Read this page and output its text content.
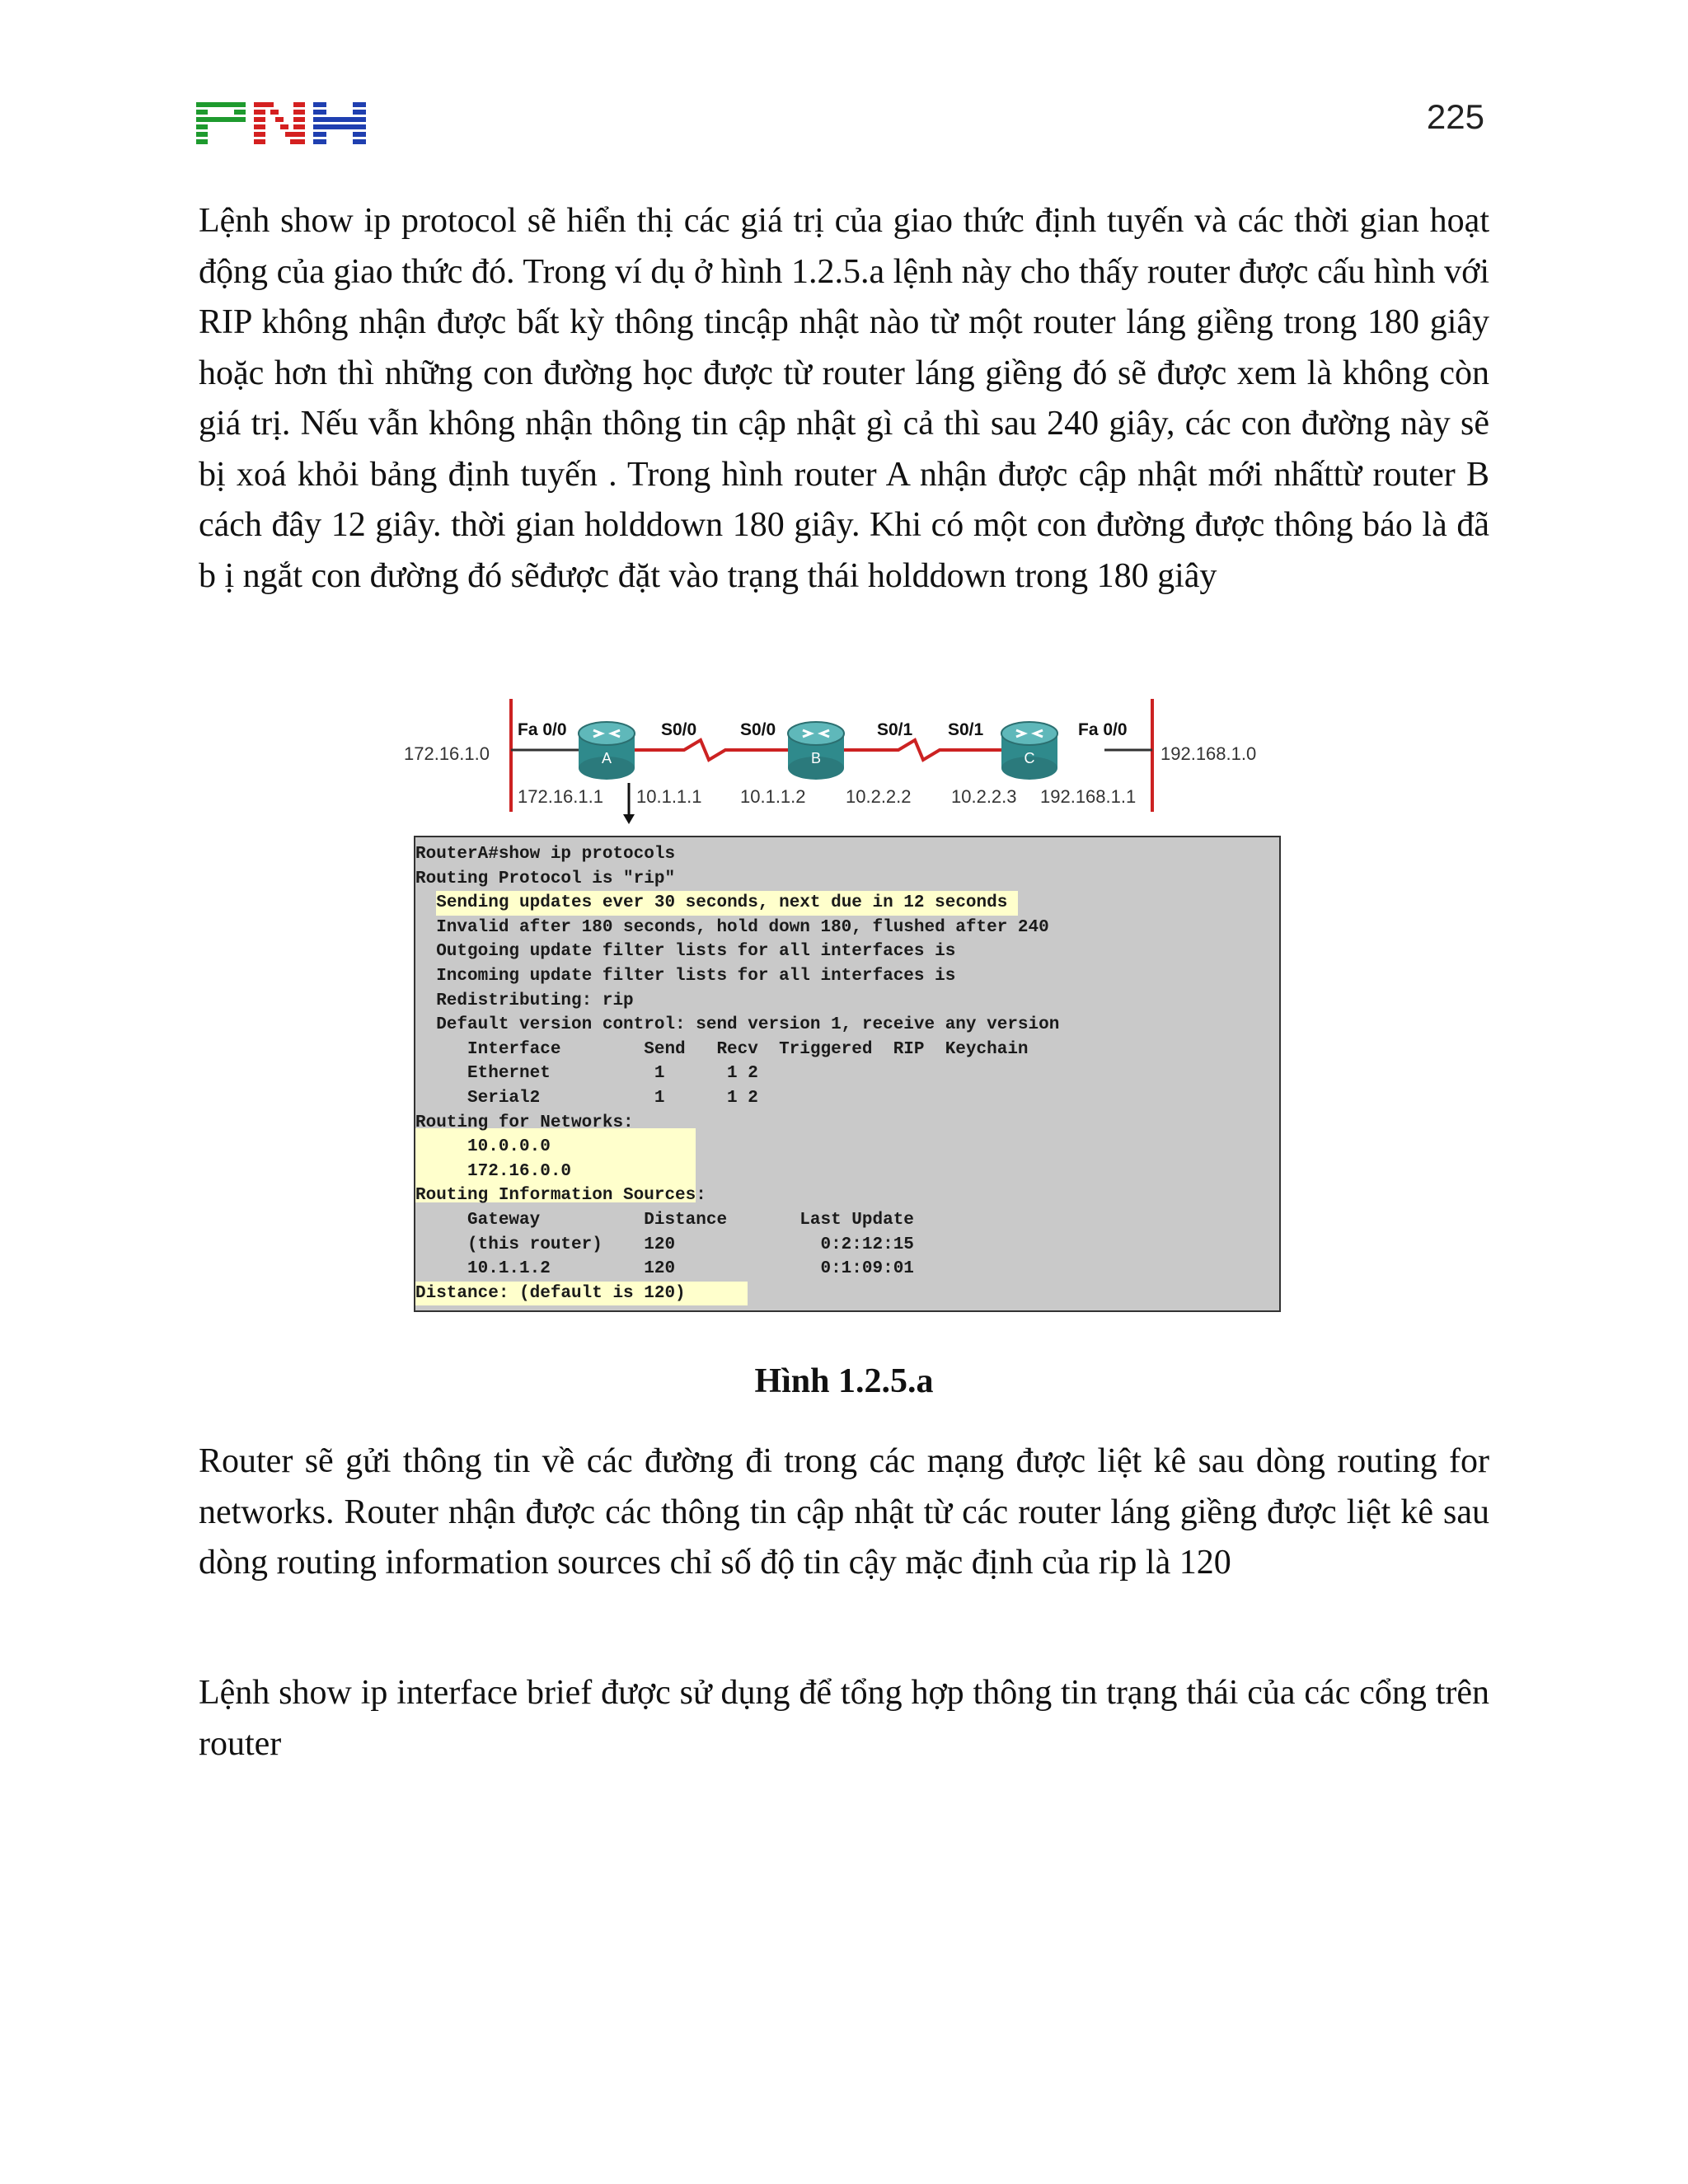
225

Lệnh show ip protocol sẽ hiển thị các giá trị của giao thức định tuyến và các thời gian hoạt động của giao thức đó. Trong ví dụ ở hình 1.2.5.a lệnh này cho thấy router được cấu hình với RIP không nhận được bất kỳ thông tincập nhật nào từ một router láng giềng trong 180 giây hoặc hơn thì những con đường học được từ router láng giềng đó sẽ được xem là không còn giá trị. Nếu vẫn không nhận thông tin cập nhật gì cả thì sau 240 giây, các con đường này sẽ bị xoá khỏi bảng định tuyến . Trong hình router A nhận được cập nhật mới nhấttừ router B cách đây 12 giây. thời gian holddown 180 giây. Khi có một con đường được thông báo là đã b ị ngắt con đường đó sẽđược đặt vào trạng thái holddown trong 180 giây

A	B	C
172.16.1.0	192.168.1.0
Fa 0/0	S0/0	S0/0	S0/1 S0/1	Fa 0/0
172.16.1.1 10.1.1.1 10.1.1.2 10.2.2.2 10.2.2.3 192.168.1.1
RouterA#show ip protocols
Routing Protocol is "rip"
Sending updates ever 30 seconds, next due in 12 seconds
Invalid after 180 seconds, hold down 180, flushed after 240
Outgoing update filter lists for all interfaces is
Incoming update filter lists for all interfaces is
Redistributing: rip
Default version control: send version 1, receive any version
Interface        Send   Recv  Triggered  RIP  Keychain
Ethernet          1      1 2
Serial2           1      1 2
Routing for Networks:
10.0.0.0
172.16.0.0
Routing Information Sources:
Gateway          Distance       Last Update
(this router)    120              0:2:12:15
10.1.1.2         120              0:1:09:01
Distance: (default is 120)
Hình 1.2.5.a

Router sẽ gửi thông tin về các đường đi trong các mạng được liệt kê sau dòng routing for networks. Router nhận được các thông tin cập nhật từ các router láng giềng được liệt kê sau dòng routing information sources chỉ số độ tin cậy mặc định của rip là 120

Lệnh show ip interface brief được sử dụng để tổng hợp thông tin trạng thái của các cổng trên router
